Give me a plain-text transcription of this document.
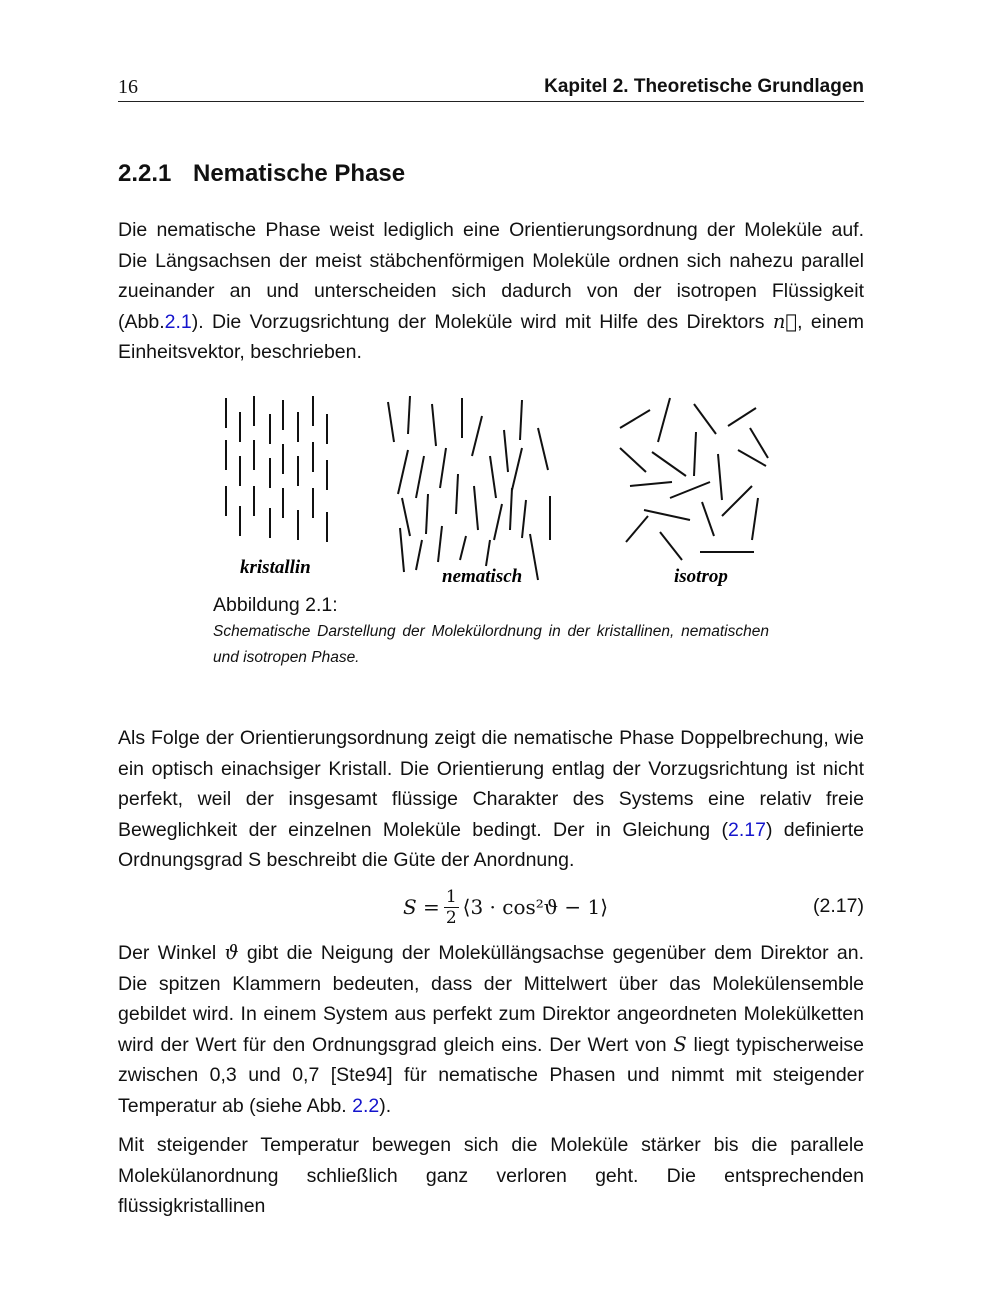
16	Kapitel 2. Theoretische Grundlagen
2.2.1 Nematische Phase

Die nematische Phase weist lediglich eine Orientierungsordnung der Moleküle auf. Die Längsachsen der meist stäbchenförmigen Moleküle ordnen sich nahezu parallel zueinander an und unterscheiden sich dadurch von der isotropen Flüssigkeit (Abb.2.1). Die Vorzugsrichtung der Moleküle wird mit Hilfe des Direktors n⃗, einem Einheitsvektor, beschrieben.

kristallin	nematisch	isotrop
Abbildung 2.1:
Schematische Darstellung der Molekülordnung in der kristallinen, nematischen und isotropen Phase.

Als Folge der Orientierungsordnung zeigt die nematische Phase Doppelbrechung, wie ein optisch einachsiger Kristall. Die Orientierung entlag der Vorzugsrichtung ist nicht perfekt, weil der insgesamt flüssige Charakter des Systems eine relativ freie Beweglichkeit der einzelnen Moleküle bedingt. Der in Gleichung (2.17) definierte Ordnungsgrad S beschreibt die Güte der Anordnung.

$S = \frac{1}{2}$ ⟨3 · cos²ϑ − 1⟩	(2.17)

Der Winkel ϑ gibt die Neigung der Moleküllängsachse gegenüber dem Direktor an. Die spitzen Klammern bedeuten, dass der Mittelwert über das Molekülensemble gebildet wird. In einem System aus perfekt zum Direktor angeordneten Molekülketten wird der Wert für den Ordnungsgrad gleich eins. Der Wert von S liegt typischerweise zwischen 0,3 und 0,7 [Ste94] für nematische Phasen und nimmt mit steigender Temperatur ab (siehe Abb. 2.2).

Mit steigender Temperatur bewegen sich die Moleküle stärker bis die parallele Molekülanordnung schließlich ganz verloren geht. Die entsprechenden flüssigkristallinen
